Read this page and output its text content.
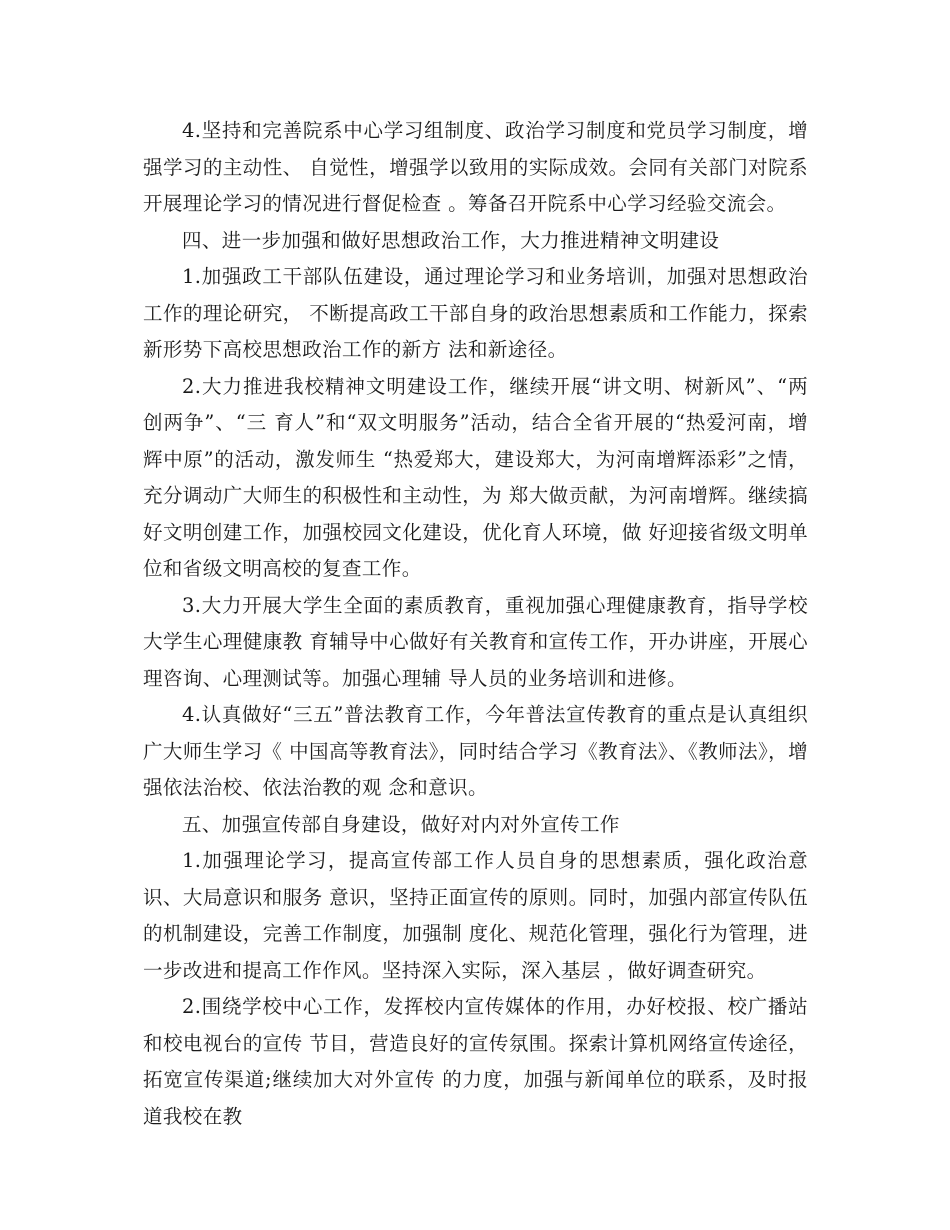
4.坚持和完善院系中心学习组制度、政治学习制度和党员学习制度，增强学习的主动性、 自觉性，增强学以致用的实际成效。会同有关部门对院系开展理论学习的情况进行督促检查 。筹备召开院系中心学习经验交流会。

四、进一步加强和做好思想政治工作，大力推进精神文明建设

1.加强政工干部队伍建设，通过理论学习和业务培训，加强对思想政治工作的理论研究， 不断提高政工干部自身的政治思想素质和工作能力，探索新形势下高校思想政治工作的新方 法和新途径。

2.大力推进我校精神文明建设工作，继续开展“讲文明、树新风”、“两创两争”、“三 育人”和“双文明服务”活动，结合全省开展的“热爱河南，增辉中原”的活动，激发师生 “热爱郑大，建设郑大，为河南增辉添彩”之情，充分调动广大师生的积极性和主动性，为 郑大做贡献，为河南增辉。继续搞好文明创建工作，加强校园文化建设，优化育人环境，做 好迎接省级文明单位和省级文明高校的复查工作。

3.大力开展大学生全面的素质教育，重视加强心理健康教育，指导学校大学生心理健康教 育辅导中心做好有关教育和宣传工作，开办讲座，开展心理咨询、心理测试等。加强心理辅 导人员的业务培训和进修。

4.认真做好“三五”普法教育工作，今年普法宣传教育的重点是认真组织广大师生学习《 中国高等教育法》，同时结合学习《教育法》、《教师法》，增强依法治校、依法治教的观 念和意识。

五、加强宣传部自身建设，做好对内对外宣传工作

1.加强理论学习，提高宣传部工作人员自身的思想素质，强化政治意识、大局意识和服务 意识，坚持正面宣传的原则。同时，加强内部宣传队伍的机制建设，完善工作制度，加强制 度化、规范化管理，强化行为管理，进一步改进和提高工作作风。坚持深入实际，深入基层 ，做好调查研究。

2.围绕学校中心工作，发挥校内宣传媒体的作用，办好校报、校广播站和校电视台的宣传 节目，营造良好的宣传氛围。探索计算机网络宣传途径，拓宽宣传渠道;继续加大对外宣传 的力度，加强与新闻单位的联系，及时报道我校在教
